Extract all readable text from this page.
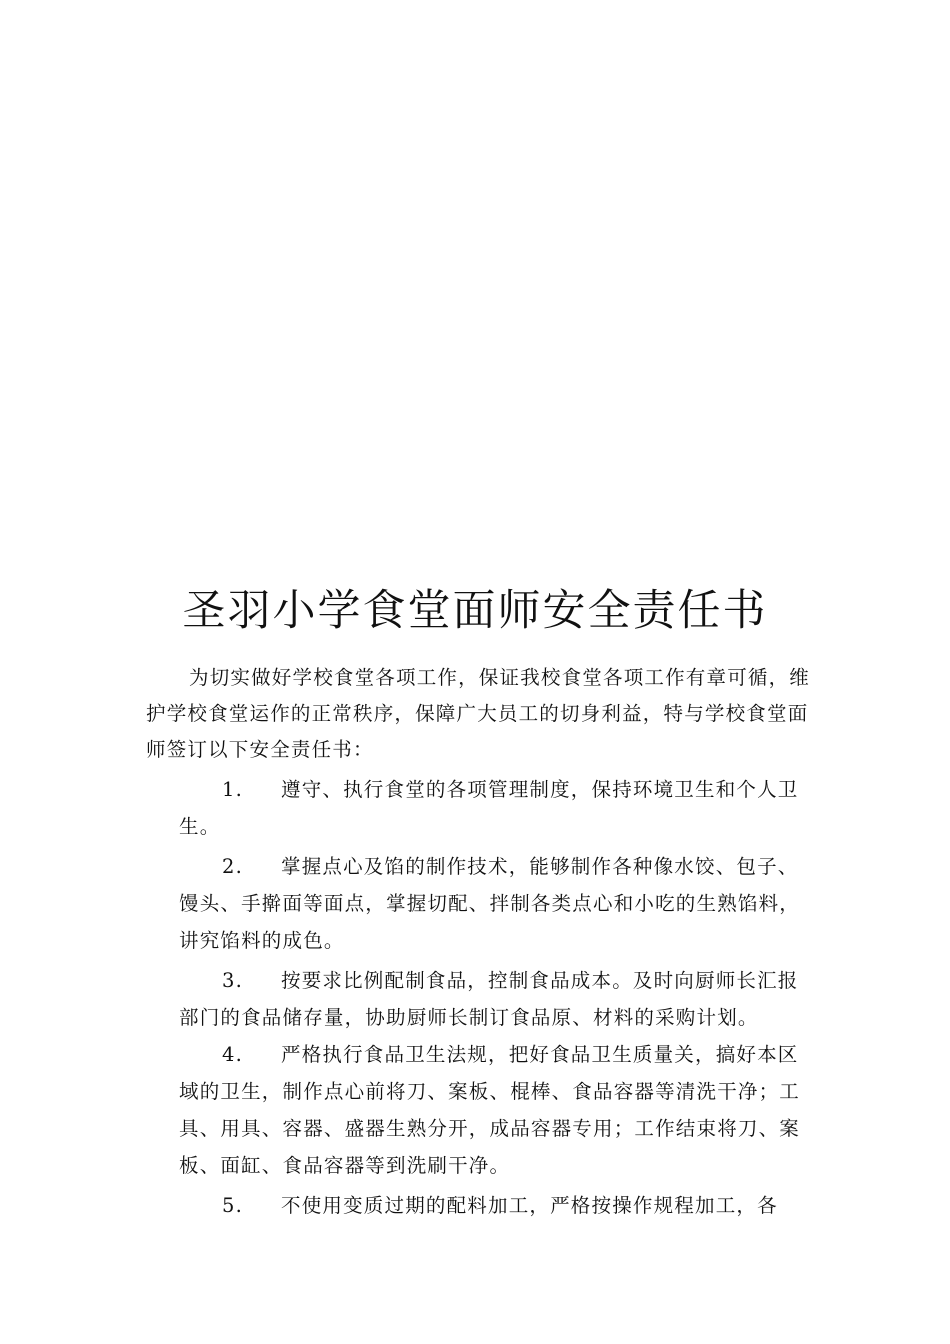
圣羽小学食堂面师安全责任书

为切实做好学校食堂各项工作，保证我校食堂各项工作有章可循，维护学校食堂运作的正常秩序，保障广大员工的切身利益，特与学校食堂面师签订以下安全责任书：

1. 遵守、执行食堂的各项管理制度，保持环境卫生和个人卫生。
2. 掌握点心及馅的制作技术，能够制作各种像水饺、包子、馒头、手擀面等面点，掌握切配、拌制各类点心和小吃的生熟馅料，讲究馅料的成色。
3. 按要求比例配制食品，控制食品成本。及时向厨师长汇报部门的食品储存量，协助厨师长制订食品原、材料的采购计划。
4. 严格执行食品卫生法规，把好食品卫生质量关，搞好本区域的卫生，制作点心前将刀、案板、棍棒、食品容器等清洗干净；工具、用具、容器、盛器生熟分开，成品容器专用；工作结束将刀、案板、面缸、食品容器等到洗刷干净。
5. 不使用变质过期的配料加工，严格按操作规程加工，各
